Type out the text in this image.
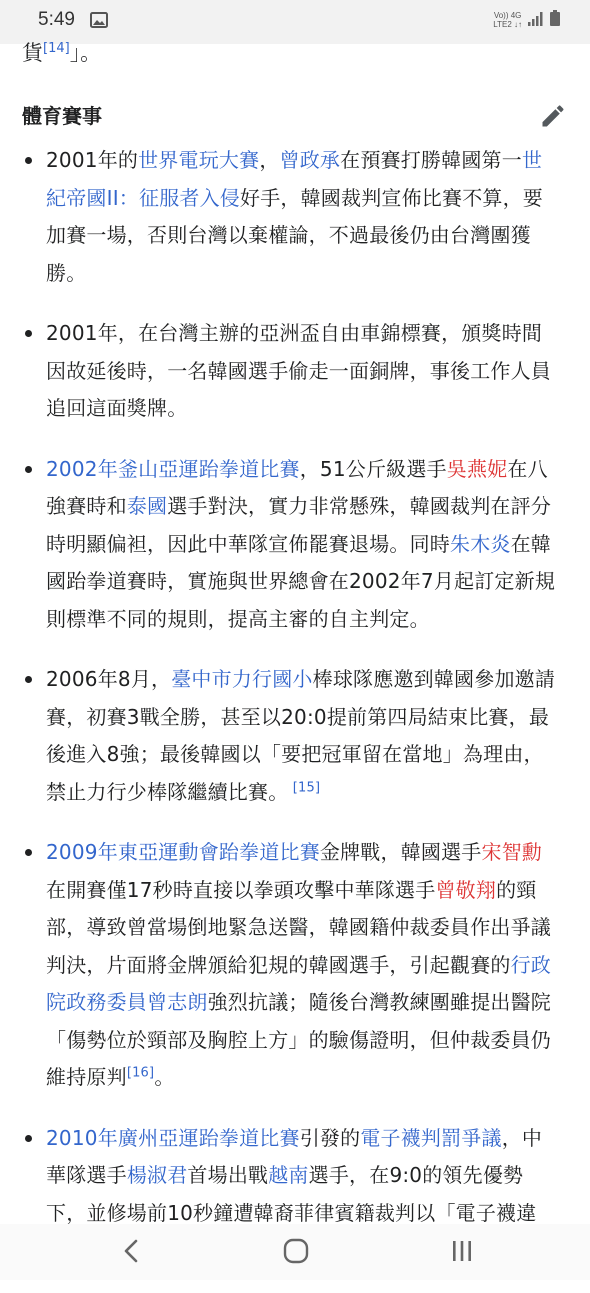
5:49	Vo)) 4G
LTE2 ↓↑
貨[14]」。
體育賽事
2001年的世界電玩大賽，曾政承在預賽打勝韓國第一世紀帝國II：征服者入侵好手，韓國裁判宣佈比賽不算，要加賽一場，否則台灣以棄權論，不過最後仍由台灣團獲勝。
2001年，在台灣主辦的亞洲盃自由車錦標賽，頒獎時間因故延後時，一名韓國選手偷走一面銅牌，事後工作人員追回這面獎牌。
2002年釜山亞運跆拳道比賽，51公斤級選手吳燕妮在八強賽時和泰國選手對決，實力非常懸殊，韓國裁判在評分時明顯偏袒，因此中華隊宣佈罷賽退場。同時朱木炎在韓國跆拳道賽時，實施與世界總會在2002年7月起訂定新規則標準不同的規則，提高主審的自主判定。
2006年8月，臺中市力行國小棒球隊應邀到韓國參加邀請賽，初賽3戰全勝，甚至以20:0提前第四局結束比賽，最後進入8強；最後韓國以「要把冠軍留在當地」為理由，禁止力行少棒隊繼續比賽。 [15]
2009年東亞運動會跆拳道比賽金牌戰，韓國選手宋智勳在開賽僅17秒時直接以拳頭攻擊中華隊選手曾敬翔的頸部，導致曾當場倒地緊急送醫，韓國籍仲裁委員作出爭議判決，片面將金牌頒給犯規的韓國選手，引起觀賽的行政院政務委員曾志朗強烈抗議；隨後台灣教練團雖提出醫院「傷勢位於頸部及胸腔上方」的驗傷證明，但仲裁委員仍維持原判[16]。
2010年廣州亞運跆拳道比賽引發的電子襪判罰爭議，中華隊選手楊淑君首場出戰越南選手，在9:0的領先優勢下，並修場前10秒鐘遭韓裔菲律賓籍裁判以「電子襪違
